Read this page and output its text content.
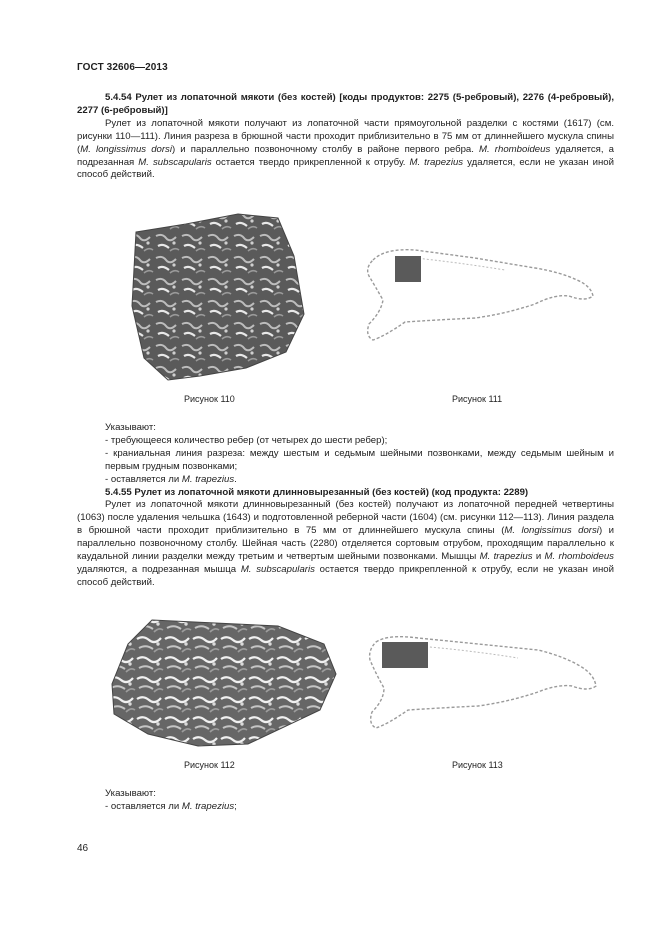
ГОСТ 32606—2013

5.4.54 Рулет из лопаточной мякоти (без костей) [коды продуктов: 2275 (5-ребровый), 2276 (4-ребровый), 2277 (6-ребровый)]

Рулет из лопаточной мякоти получают из лопаточной части прямоугольной разделки с костями (1617) (см. рисунки 110—111). Линия разреза в брюшной части проходит приблизительно в 75 мм от длиннейшего мускула спины (M. longissimus dorsi) и параллельно позвоночному столбу в районе первого ребра. M. rhomboideus удаляется, а подрезанная M. subscapularis остается твердо прикрепленной к отрубу. M. trapezius удаляется, если не указан иной способ действий.

Рисунок 110	Рисунок 111

Указывают:

- требующееся количество ребер (от четырех до шести ребер);

- краниальная линия разреза: между шестым и седьмым шейными позвонками, между седьмым шейным и первым грудным позвонками;

- оставляется ли M. trapezius.

5.4.55 Рулет из лопаточной мякоти длинновырезанный (без костей) (код продукта: 2289)

Рулет из лопаточной мякоти длинновырезанный (без костей) получают из лопаточной передней четвертины (1063) после удаления чельшка (1643) и подготовленной реберной части (1604) (см. рисунки 112—113). Линия раздела в брюшной части проходит приблизительно в 75 мм от длиннейшего мускула спины (M. longissimus dorsi) и параллельно позвоночному столбу. Шейная часть (2280) отделяется сортовым отрубом, проходящим параллельно к каудальной линии разделки между третьим и четвертым шейными позвонками. Мышцы M. trapezius и M. rhomboideus удаляются, а подрезанная мышца M. subscapularis остается твердо прикрепленной к отрубу, если не указан иной способ действий.

Рисунок 112	Рисунок 113

Указывают:

- оставляется ли M. trapezius;

46
